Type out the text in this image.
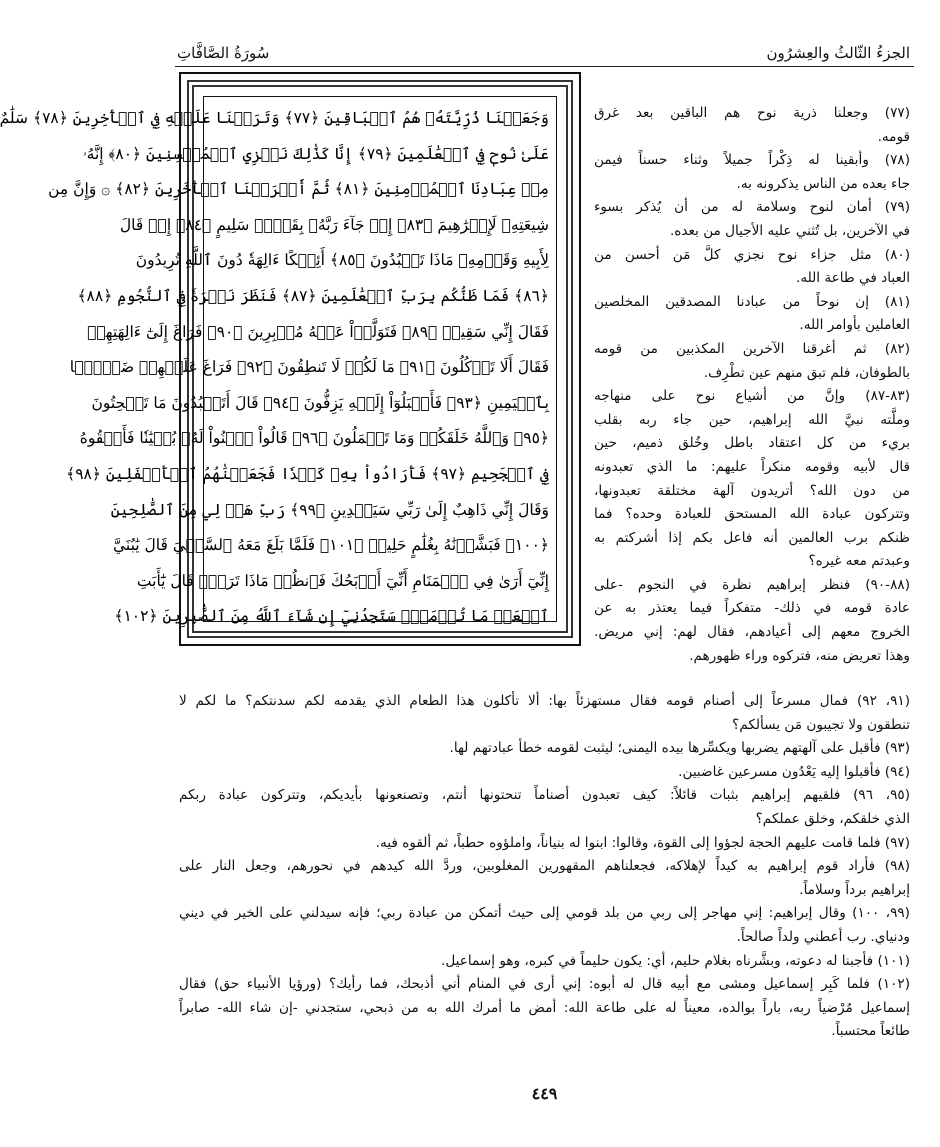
الجزءُ الثّالثُ والعِشرُون
سُورَةُ الصَّافَّاتِ
وَجَعَلۡنَا ذُرِّيَّتَهُۥ هُمُ ٱلۡبَاقِينَ ﴿٧٧﴾ وَتَرَكۡنَا عَلَيۡهِ فِي ٱلۡأٓخِرِينَ ﴿٧٨﴾ سَلَٰمٌ
عَلَىٰ نُوحٖ فِي ٱلۡعَٰلَمِينَ ﴿٧٩﴾ إِنَّا كَذَٰلِكَ نَجۡزِي ٱلۡمُحۡسِنِينَ ﴿٨٠﴾ إِنَّهُۥ
مِنۡ عِبَادِنَا ٱلۡمُؤۡمِنِينَ ﴿٨١﴾ ثُمَّ أَغۡرَقۡنَا ٱلۡأٓخَرِينَ ﴿٨٢﴾ ۞ وَإِنَّ مِن
شِيعَتِهِۦ لَإِبۡرَٰهِيمَ ﴿٨٣﴾ إِذۡ جَآءَ رَبَّهُۥ بِقَلۡبٖ سَلِيمٍ ﴿٨٤﴾ إِذۡ قَالَ
لِأَبِيهِ وَقَوۡمِهِۦ مَاذَا تَعۡبُدُونَ ﴿٨٥﴾ أَئِفۡكًا ءَالِهَةٗ دُونَ ٱللَّهِ تُرِيدُونَ
﴿٨٦﴾ فَمَا ظَنُّكُم بِرَبِّ ٱلۡعَٰلَمِينَ ﴿٨٧﴾ فَنَظَرَ نَظۡرَةٗ فِي ٱلنُّجُومِ ﴿٨٨﴾
فَقَالَ إِنِّي سَقِيمٞ ﴿٨٩﴾ فَتَوَلَّوۡاْ عَنۡهُ مُدۡبِرِينَ ﴿٩٠﴾ فَرَاغَ إِلَىٰٓ ءَالِهَتِهِمۡ
فَقَالَ أَلَا تَأۡكُلُونَ ﴿٩١﴾ مَا لَكُمۡ لَا تَنطِقُونَ ﴿٩٢﴾ فَرَاغَ عَلَيۡهِمۡ ضَرۡبَۢا
بِٱلۡيَمِينِ ﴿٩٣﴾ فَأَقۡبَلُوٓاْ إِلَيۡهِ يَزِفُّونَ ﴿٩٤﴾ قَالَ أَتَعۡبُدُونَ مَا تَنۡحِتُونَ
﴿٩٥﴾ وَٱللَّهُ خَلَقَكُمۡ وَمَا تَعۡمَلُونَ ﴿٩٦﴾ قَالُواْ ٱبۡنُواْ لَهُۥ بُنۡيَٰنٗا فَأَلۡقُوهُ
فِي ٱلۡجَحِيمِ ﴿٩٧﴾ فَأَرَادُواْ بِهِۦ كَيۡدٗا فَجَعَلۡنَٰهُمُ ٱلۡأَسۡفَلِينَ ﴿٩٨﴾
وَقَالَ إِنِّي ذَاهِبٌ إِلَىٰ رَبِّي سَيَهۡدِينِ ﴿٩٩﴾ رَبِّ هَبۡ لِي مِنَ ٱلصَّٰلِحِينَ
﴿١٠٠﴾ فَبَشَّرۡنَٰهُ بِغُلَٰمٍ حَلِيمٖ ﴿١٠١﴾ فَلَمَّا بَلَغَ مَعَهُ ٱلسَّعۡيَ قَالَ يَٰبُنَيَّ
إِنِّيٓ أَرَىٰ فِي ٱلۡمَنَامِ أَنِّيٓ أَذۡبَحُكَ فَٱنظُرۡ مَاذَا تَرَىٰۚ قَالَ يَٰٓأَبَتِ
ٱفۡعَلۡ مَا تُؤۡمَرُۖ سَتَجِدُنِيٓ إِن شَآءَ ٱللَّهُ مِنَ ٱلصَّٰبِرِينَ ﴿١٠٢﴾
(٧٧) وجعلنا ذرية نوح هم الباقين بعد غرق
قومه.
(٧٨) وأبقينا له ذِكْراً جميلاً وثناء حسناً فيمن
جاء بعده من الناس يذكرونه به.
(٧٩) أمان لنوح وسلامة له من أن يُذكر بسوء
في الآخرين، بل تُثني عليه الأجيال من بعده.
(٨٠) مثل جزاء نوح نجزي كلَّ مَن أحسن من
العباد في طاعة الله.
(٨١) إن نوحاً من عبادنا المصدقين المخلصين
العاملين بأوامر الله.
(٨٢) ثم أغرقنا الآخرين المكذبين من قومه
بالطوفان، فلم تبق منهم عين تطْرِف.
(٨٣-٨٧) وإنَّ من أشياع نوح على منهاجه
وملَّته نبيَّ الله إبراهيم، حين جاء ربه بقلب
بريء من كل اعتقاد باطل وخُلق ذميم، حين
قال لأبيه وقومه منكراً عليهم: ما الذي تعبدونه
من دون الله؟ أتريدون آلهة مختلقة تعبدونها،
وتتركون عبادة الله المستحق للعبادة وحده؟ فما
ظنكم برب العالمين أنه فاعل بكم إذا أشركتم به
وعبدتم معه غيره؟
(٨٨-٩٠) فنظر إبراهيم نظرة في النجوم -على
عادة قومه في ذلك- متفكراً فيما يعتذر به عن
الخروج معهم إلى أعيادهم، فقال لهم: إني مريض.
وهذا تعريض منه، فتركوه وراء ظهورهم.
(٩١، ٩٢) فمال مسرعاً إلى أصنام قومه فقال مستهزئاً بها: ألا تأكلون هذا الطعام الذي يقدمه لكم سدنتكم؟ ما لكم لا
تنطقون ولا تجيبون مَن يسألكم؟
(٩٣) فأقبل على آلهتهم يضربها ويكسِّرها بيده اليمنى؛ ليثبت لقومه خطأ عبادتهم لها.
(٩٤) فأقبلوا إليه يَعْدُون مسرعين غاضبين.
(٩٥، ٩٦) فلقيهم إبراهيم بثبات قائلاً: كيف تعبدون أصناماً تنحتونها أنتم، وتصنعونها بأيديكم، وتتركون عبادة ربكم
الذي خلقكم، وخلق عملكم؟
(٩٧) فلما قامت عليهم الحجة لجؤوا إلى القوة، وقالوا: ابنوا له بنياناً، واملؤوه حطباً، ثم ألقوه فيه.
(٩٨) فأراد قوم إبراهيم به كيداً لإهلاكه، فجعلناهم المقهورين المغلوبين، وردَّ الله كيدهم في نحورهم، وجعل النار على
إبراهيم برداً وسلاماً.
(٩٩، ١٠٠) وقال إبراهيم: إني مهاجر إلى ربي من بلد قومي إلى حيث أتمكن من عبادة ربي؛ فإنه سيدلني على الخير في ديني
ودنياي. رب أعطني ولداً صالحاً.
(١٠١) فأجبنا له دعوته، وبشَّرناه بغلام حليم، أي: يكون حليماً في كبره، وهو إسماعيل.
(١٠٢) فلما كَبِر إسماعيل ومشى مع أبيه قال له أبوه: إني أرى في المنام أني أذبحك، فما رأيك؟ (ورؤيا الأنبياء حق) فقال
إسماعيل مُرْضياً ربه، باراً بوالده، معيناً له على طاعة الله: أمض ما أمرك الله به من ذبحي، ستجدني -إن شاء الله- صابراً
طائعاً محتسباً.
٤٤٩
